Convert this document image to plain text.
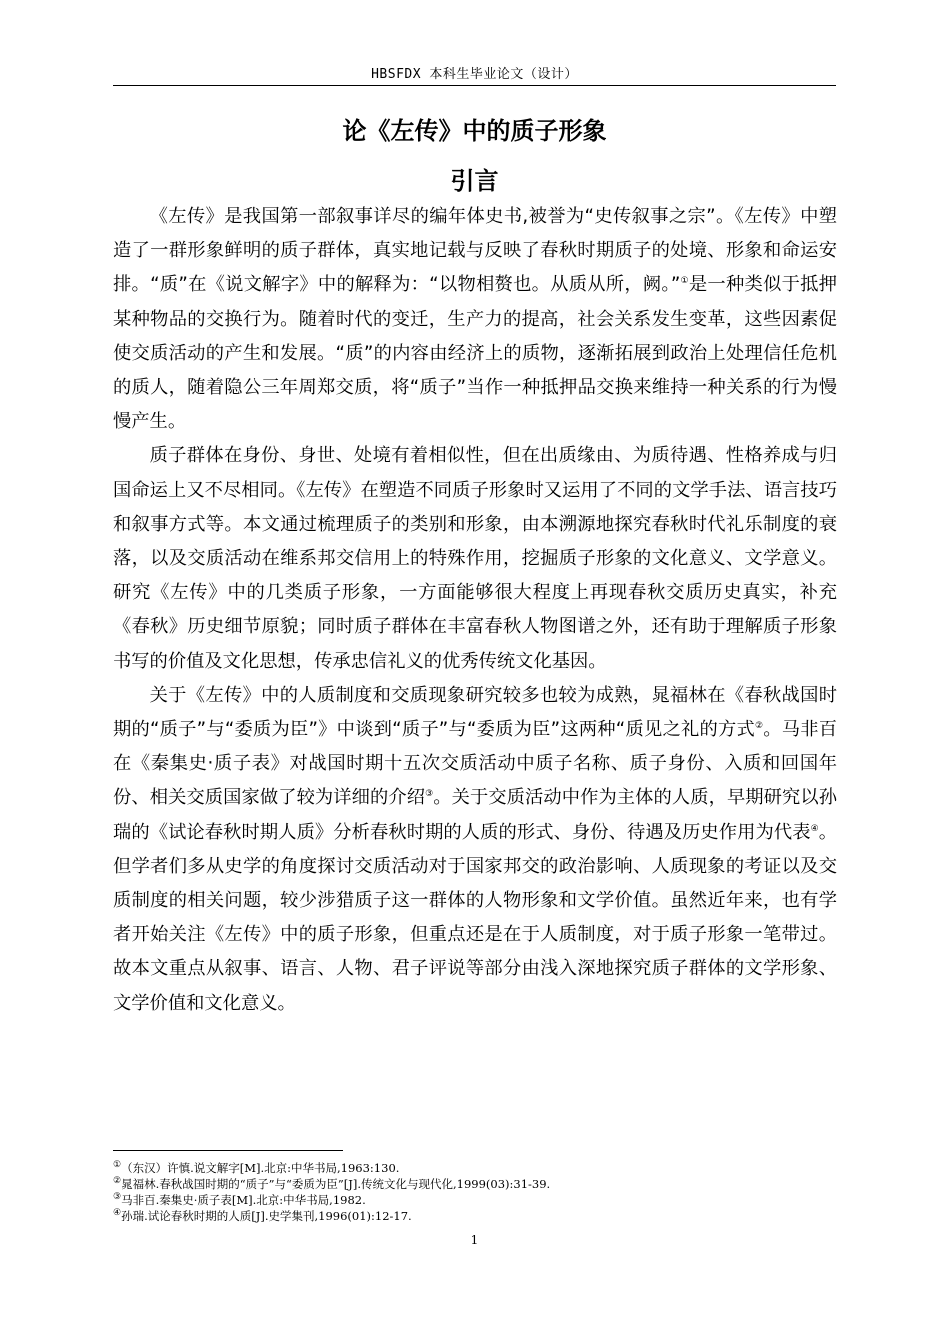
HBSFDX 本科生毕业论文（设计）
论《左传》中的质子形象
引言

《左传》是我国第一部叙事详尽的编年体史书,被誉为“史传叙事之宗”。《左传》中塑造了一群形象鲜明的质子群体，真实地记载与反映了春秋时期质子的处境、形象和命运安排。“质”在《说文解字》中的解释为：“以物相赘也。从质从所，阙。”①是一种类似于抵押某种物品的交换行为。随着时代的变迁，生产力的提高，社会关系发生变革，这些因素促使交质活动的产生和发展。“质”的内容由经济上的质物，逐渐拓展到政治上处理信任危机的质人，随着隐公三年周郑交质，将“质子”当作一种抵押品交换来维持一种关系的行为慢慢产生。

质子群体在身份、身世、处境有着相似性，但在出质缘由、为质待遇、性格养成与归国命运上又不尽相同。《左传》在塑造不同质子形象时又运用了不同的文学手法、语言技巧和叙事方式等。本文通过梳理质子的类别和形象，由本溯源地探究春秋时代礼乐制度的衰落，以及交质活动在维系邦交信用上的特殊作用，挖掘质子形象的文化意义、文学意义。研究《左传》中的几类质子形象，一方面能够很大程度上再现春秋交质历史真实，补充《春秋》历史细节原貌；同时质子群体在丰富春秋人物图谱之外，还有助于理解质子形象书写的价值及文化思想，传承忠信礼义的优秀传统文化基因。

关于《左传》中的人质制度和交质现象研究较多也较为成熟，晁福林在《春秋战国时期的“质子”与“委质为臣”》中谈到“质子”与“委质为臣”这两种“质见之礼的方式②。马非百在《秦集史·质子表》对战国时期十五次交质活动中质子名称、质子身份、入质和回国年份、相关交质国家做了较为详细的介绍③。关于交质活动中作为主体的人质，早期研究以孙瑞的《试论春秋时期人质》分析春秋时期的人质的形式、身份、待遇及历史作用为代表④。但学者们多从史学的角度探讨交质活动对于国家邦交的政治影响、人质现象的考证以及交质制度的相关问题，较少涉猎质子这一群体的人物形象和文学价值。虽然近年来，也有学者开始关注《左传》中的质子形象，但重点还是在于人质制度，对于质子形象一笔带过。故本文重点从叙事、语言、人物、君子评说等部分由浅入深地探究质子群体的文学形象、文学价值和文化意义。

①（东汉）许慎.说文解字[M].北京:中华书局,1963:130.
②晁福林.春秋战国时期的“质子”与“委质为臣”[J].传统文化与现代化,1999(03):31-39.
③马非百.秦集史·质子表[M].北京:中华书局,1982.
④孙瑞.试论春秋时期的人质[J].史学集刊,1996(01):12-17.
1
